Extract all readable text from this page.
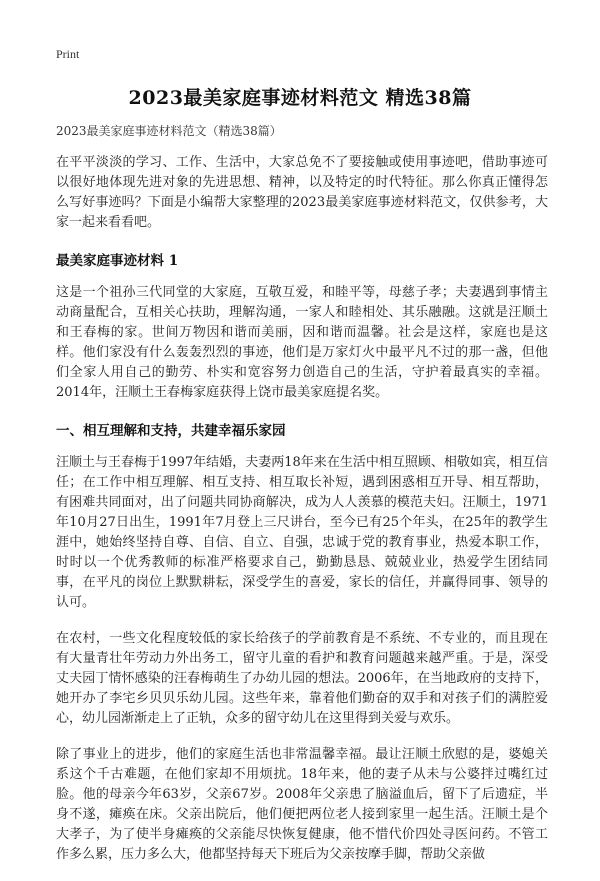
Print
2023最美家庭事迹材料范文 精选38篇

2023最美家庭事迹材料范文（精选38篇）

在平平淡淡的学习、工作、生活中，大家总免不了要接触或使用事迹吧，借助事迹可以很好地体现先进对象的先进思想、精神，以及特定的时代特征。那么你真正懂得怎么写好事迹吗？下面是小编帮大家整理的2023最美家庭事迹材料范文，仅供参考，大家一起来看看吧。

最美家庭事迹材料 1

这是一个祖孙三代同堂的大家庭，互敬互爱，和睦平等，母慈子孝；夫妻遇到事情主动商量配合，互相关心扶助，理解沟通，一家人和睦相处、其乐融融。这就是汪顺土和王春梅的家。世间万物因和谐而美丽，因和谐而温馨。社会是这样，家庭也是这样。他们家没有什么轰轰烈烈的事迹，他们是万家灯火中最平凡不过的那一盏，但他们全家人用自己的勤劳、朴实和宽容努力创造自己的生活，守护着最真实的幸福。2014年，汪顺土王春梅家庭获得上饶市最美家庭提名奖。

一、相互理解和支持，共建幸福乐家园

汪顺土与王春梅于1997年结婚，夫妻两18年来在生活中相互照顾、相敬如宾，相互信任；在工作中相互理解、相互支持、相互取长补短，遇到困惑相互开导、相互帮助，有困难共同面对，出了问题共同协商解决，成为人人羡慕的模范夫妇。汪顺土，1971年10月27日出生，1991年7月登上三尺讲台，至今已有25个年头，在25年的教学生涯中，她始终坚持自尊、自信、自立、自强，忠诚于党的教育事业，热爱本职工作，时时以一个优秀教师的标准严格要求自己，勤勤恳恳、兢兢业业，热爱学生团结同事，在平凡的岗位上默默耕耘，深受学生的喜爱，家长的信任，并赢得同事、领导的认可。

在农村，一些文化程度较低的家长给孩子的学前教育是不系统、不专业的，而且现在有大量青壮年劳动力外出务工，留守儿童的看护和教育问题越来越严重。于是，深受丈夫园丁情怀感染的汪春梅萌生了办幼儿园的想法。2006年，在当地政府的支持下，她开办了李宅乡贝贝乐幼儿园。这些年来，靠着他们勤奋的双手和对孩子们的满腔爱心，幼儿园渐渐走上了正轨，众多的留守幼儿在这里得到关爱与欢乐。

除了事业上的进步，他们的家庭生活也非常温馨幸福。最让汪顺土欣慰的是，婆媳关系这个千古难题，在他们家却不用烦扰。18年来，他的妻子从未与公婆拌过嘴红过脸。他的母亲今年63岁，父亲67岁。2008年父亲患了脑溢血后，留下了后遗症，半身不遂，瘫痪在床。父亲出院后，他们便把两位老人接到家里一起生活。汪顺土是个大孝子，为了使半身瘫痪的父亲能尽快恢复健康，他不惜代价四处寻医问药。不管工作多么累，压力多么大，他都坚持每天下班后为父亲按摩手脚，帮助父亲做
